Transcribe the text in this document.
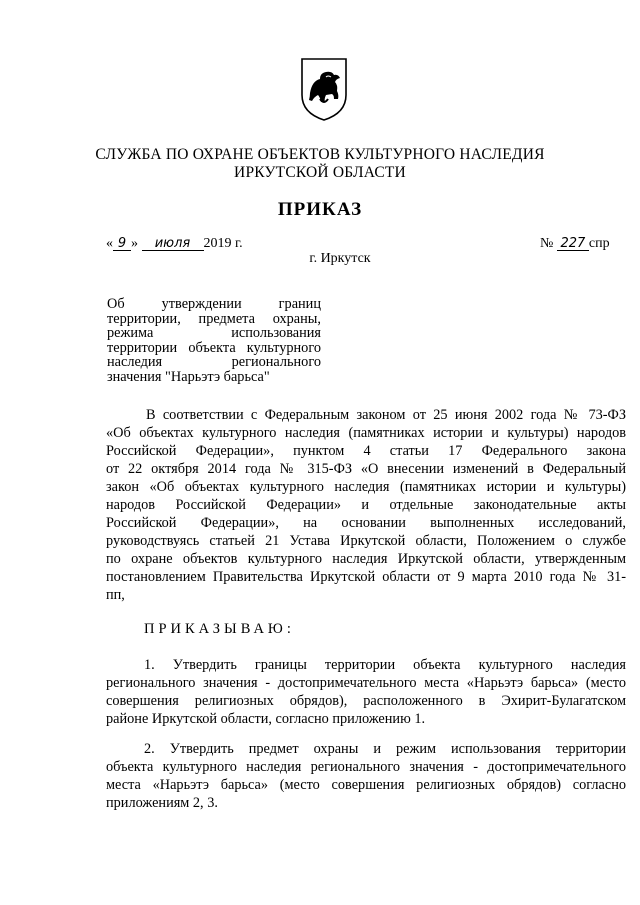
СЛУЖБА ПО ОХРАНЕ ОБЪЕКТОВ КУЛЬТУРНОГО НАСЛЕДИЯ
ИРКУТСКОЙ ОБЛАСТИ
ПРИКАЗ
« 9 » июля 2019 г.	№ 227 спр
г. Иркутск
Об утверждении границ
территории, предмета охраны,
режима использования
территории объекта культурного
наследия регионального
значения "Нарьэтэ барьса"
В соответствии с Федеральным законом от 25 июня 2002 года № 73-ФЗ
«Об объектах культурного наследия (памятниках истории и культуры) народов
Российской Федерации», пунктом 4 статьи 17 Федерального закона
от 22 октября 2014 года № 315-ФЗ «О внесении изменений в Федеральный
закон «Об объектах культурного наследия (памятниках истории и культуры)
народов Российской Федерации» и отдельные законодательные акты
Российской Федерации», на основании выполненных исследований,
руководствуясь статьей 21 Устава Иркутской области, Положением о службе
по охране объектов культурного наследия Иркутской области, утвержденным
постановлением Правительства Иркутской области от 9 марта 2010 года № 31-
пп,
ПРИКАЗЫВАЮ:
1. Утвердить границы территории объекта культурного наследия
регионального значения - достопримечательного места «Нарьэтэ барьса» (место
совершения религиозных обрядов), расположенного в Эхирит-Булагатском
районе Иркутской области, согласно приложению 1.
2. Утвердить предмет охраны и режим использования территории
объекта культурного наследия регионального значения - достопримечательного
места «Нарьэтэ барьса» (место совершения религиозных обрядов) согласно
приложениям 2, 3.
